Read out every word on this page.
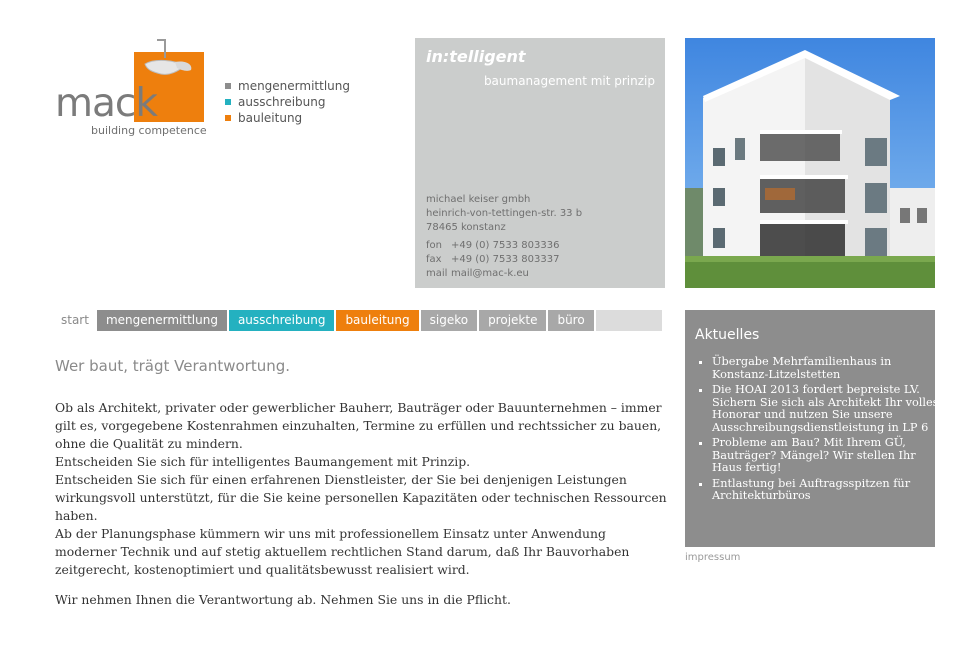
mack
building competence
mengenermittlung
ausschreibung
bauleitung
in:telligent
baumanagement mit prinzip
michael keiser gmbh
heinrich-von-tettingen-str. 33 b
78465 konstanz
fon +49 (0) 7533 803336
fax +49 (0) 7533 803337
mail mail@mac-k.eu
start	mengenermittlung	ausschreibung	bauleitung	sigeko	projekte	büro
Wer baut, trägt Verantwortung.

Ob als Architekt, privater oder gewerblicher Bauherr, Bauträger oder Bauunternehmen – immer gilt es, vorgegebene Kostenrahmen einzuhalten, Termine zu erfüllen und rechtssicher zu bauen, ohne die Qualität zu mindern.

Entscheiden Sie sich für intelligentes Baumangement mit Prinzip.

Entscheiden Sie sich für einen erfahrenen Dienstleister, der Sie bei denjenigen Leistungen wirkungsvoll unterstützt, für die Sie keine personellen Kapazitäten oder technischen Ressourcen haben.

Ab der Planungsphase kümmern wir uns mit professionellem Einsatz unter Anwendung moderner Technik und auf stetig aktuellem rechtlichen Stand darum, daß Ihr Bauvorhaben zeitgerecht, kostenoptimiert und qualitätsbewusst realisiert wird.

Wir nehmen Ihnen die Verantwortung ab. Nehmen Sie uns in die Pflicht.

Aktuelles
▪ Übergabe Mehrfamilienhaus in Konstanz-Litzelstetten
▪ Die HOAI 2013 fordert bepreiste LV. Sichern Sie sich als Architekt Ihr volles Honorar und nutzen Sie unsere Ausschreibungsdienstleistung in LP 6
▪ Probleme am Bau? Mit Ihrem GÜ, Bauträger? Mängel? Wir stellen Ihr Haus fertig!
▪ Entlastung bei Auftragsspitzen für Architekturbüros
impressum
